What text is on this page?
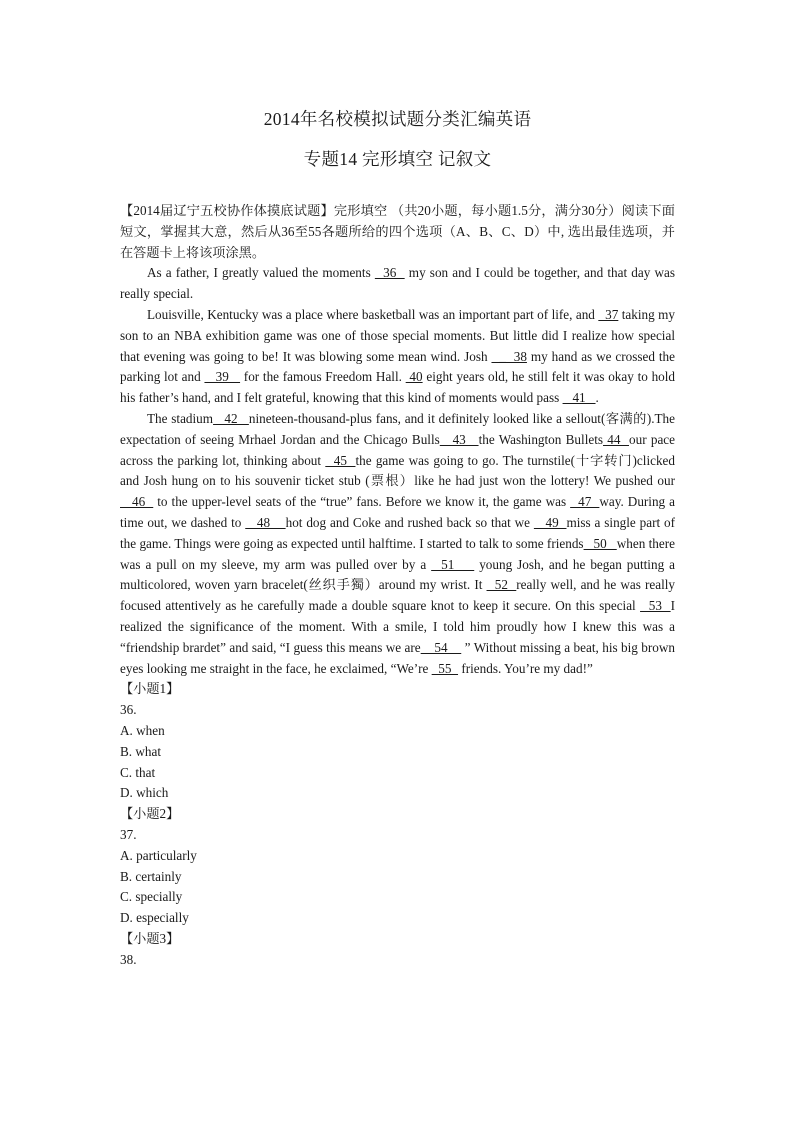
2014年名校模拟试题分类汇编英语
专题14 完形填空 记叙文

【2014届辽宁五校协作体摸底试题】完形填空 （共20小题，每小题1.5分，满分30分）阅读下面短文，掌握其大意，然后从36至55各题所给的四个选项（A、B、C、D）中, 选出最佳选项，并在答题卡上将该项涂黑。

As a father, I greatly valued the moments   36   my son and I could be together, and that day was really special.

Louisville, Kentucky was a place where basketball was an important part of life, and   37 taking my son to an NBA exhibition game was one of those special moments. But little did I realize how special that evening was going to be! It was blowing some mean wind. Josh   _  38 my hand as we crossed the parking lot and    39    for the famous Freedom Hall.  40 eight years old, he still felt it was okay to hold his father’s hand, and I felt grateful, knowing that this kind of moments would pass    41   .

The stadium   42   nineteen-thousand-plus fans, and it definitely looked like a sellout(客满的).The expectation of seeing Mrhael Jordan and the Chicago Bulls   43   the Washington Bullets 44  our pace across the parking lot, thinking about   45  the game was going to go. The turnstile(十字转门)clicked and Josh hung on to his souvenir ticket stub (票根）like he had just won the lottery! We pushed our    46   to the upper-level seats of the “true” fans. Before we know it, the game was   47  way. During a time out, we dashed to    48    hot dog and Coke and rushed back so that we    49  miss a single part of the game. Things were going as expected until halftime. I started to talk to some friends   50   when there was a pull on my sleeve, my arm was pulled over by a   51     young Josh, and he began putting a multicolored, woven yarn bracelet(丝织手獨）around my wrist. It   52  really well, and he was really focused attentively as he carefully made a double square knot to keep it secure. On this special   53  I realized the significance of the moment. With a smile, I told him proudly how I knew this was a “friendship brardet” and said, “I guess this means we are    54     ” Without missing a beat, his big brown eyes looking me straight in the face, he exclaimed, “We’re   55   friends. You’re my dad!”

【小题1】
36.
A. when
B. what
C. that
D. which
【小题2】
37.
A. particularly
B. certainly
C. specially
D. especially
【小题3】
38.
